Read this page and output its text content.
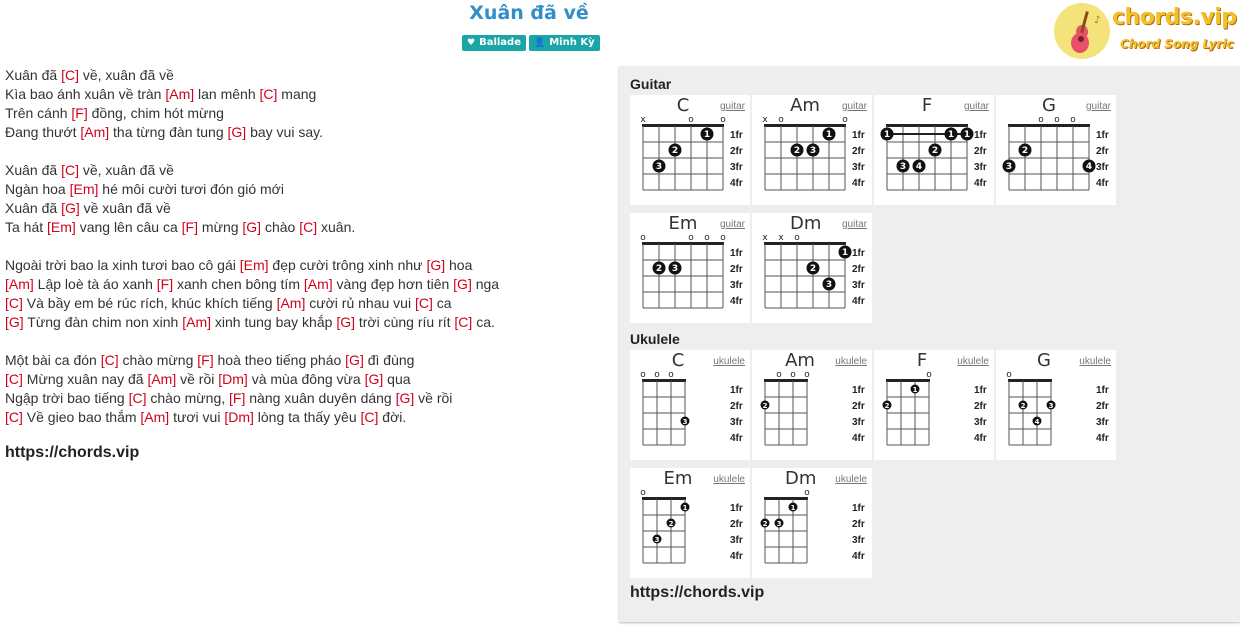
Xuân đã về
♥ Ballade 👤 Minh Kỳ
♪ chords.vip
Chord Song Lyric
Xuân đã [C] về, xuân đã về
Kìa bao ánh xuân về tràn [Am] lan mênh [C] mang
Trên cánh [F] đồng, chim hót mừng
Đang thướt [Am] tha từng đàn tung [G] bay vui say.
Xuân đã [C] về, xuân đã về
Ngàn hoa [Em] hé môi cười tươi đón gió mới
Xuân đã [G] về xuân đã về
Ta hát [Em] vang lên câu ca [F] mừng [G] chào [C] xuân.
Ngoài trời bao la xinh tươi bao cô gái [Em] đẹp cười trông xinh như [G] hoa
[Am] Lập loè tà áo xanh [F] xanh chen bông tím [Am] vàng đẹp hơn tiên [G] nga
[C] Và bầy em bé rúc rích, khúc khích tiếng [Am] cười rủ nhau vui [C] ca
[G] Từng đàn chim non xinh [Am] xinh tung bay khắp [G] trời cùng ríu rít [C] ca.
Một bài ca đón [C] chào mừng [F] hoà theo tiếng pháo [G] đì đùng
[C] Mừng xuân nay đã [Am] về rồi [Dm] và mùa đông vừa [G] qua
Ngập trời bao tiếng [C] chào mừng, [F] nàng xuân duyên dáng [G] về rồi
[C] Về gieo bao thắm [Am] tươi vui [Dm] lòng ta thấy yêu [C] đời.
https://chords.vip
Guitar
Ukulele
https://chords.vip
C	guitar
x	o	o
1
2
3
1fr
2fr
3fr
4fr
Am guitar
x o	o
1
2 3
1fr
2fr
3fr
4fr
F	guitar
1	1 1
2
3 4
1fr
2fr
3fr
4fr
G	guitar
o o o
2
3	4
1fr
2fr
3fr
4fr
Em guitar
o	o o o
2 3
1fr
2fr
3fr
4fr
Dm guitar
x x o
1
2
3
1fr
2fr
3fr
4fr
C	ukulele
o o o
3
1fr
2fr
3fr
4fr
Am ukulele
o o o
2
1fr
2fr
3fr
4fr
F	ukulele
o
1
2
1fr
2fr
3fr
4fr
G	ukulele
o
2	3
4
1fr
2fr
3fr
4fr
Em ukulele
o
1
2
3
1fr
2fr
3fr
4fr
Dm ukulele
o
1
2 3
1fr
2fr
3fr
4fr
